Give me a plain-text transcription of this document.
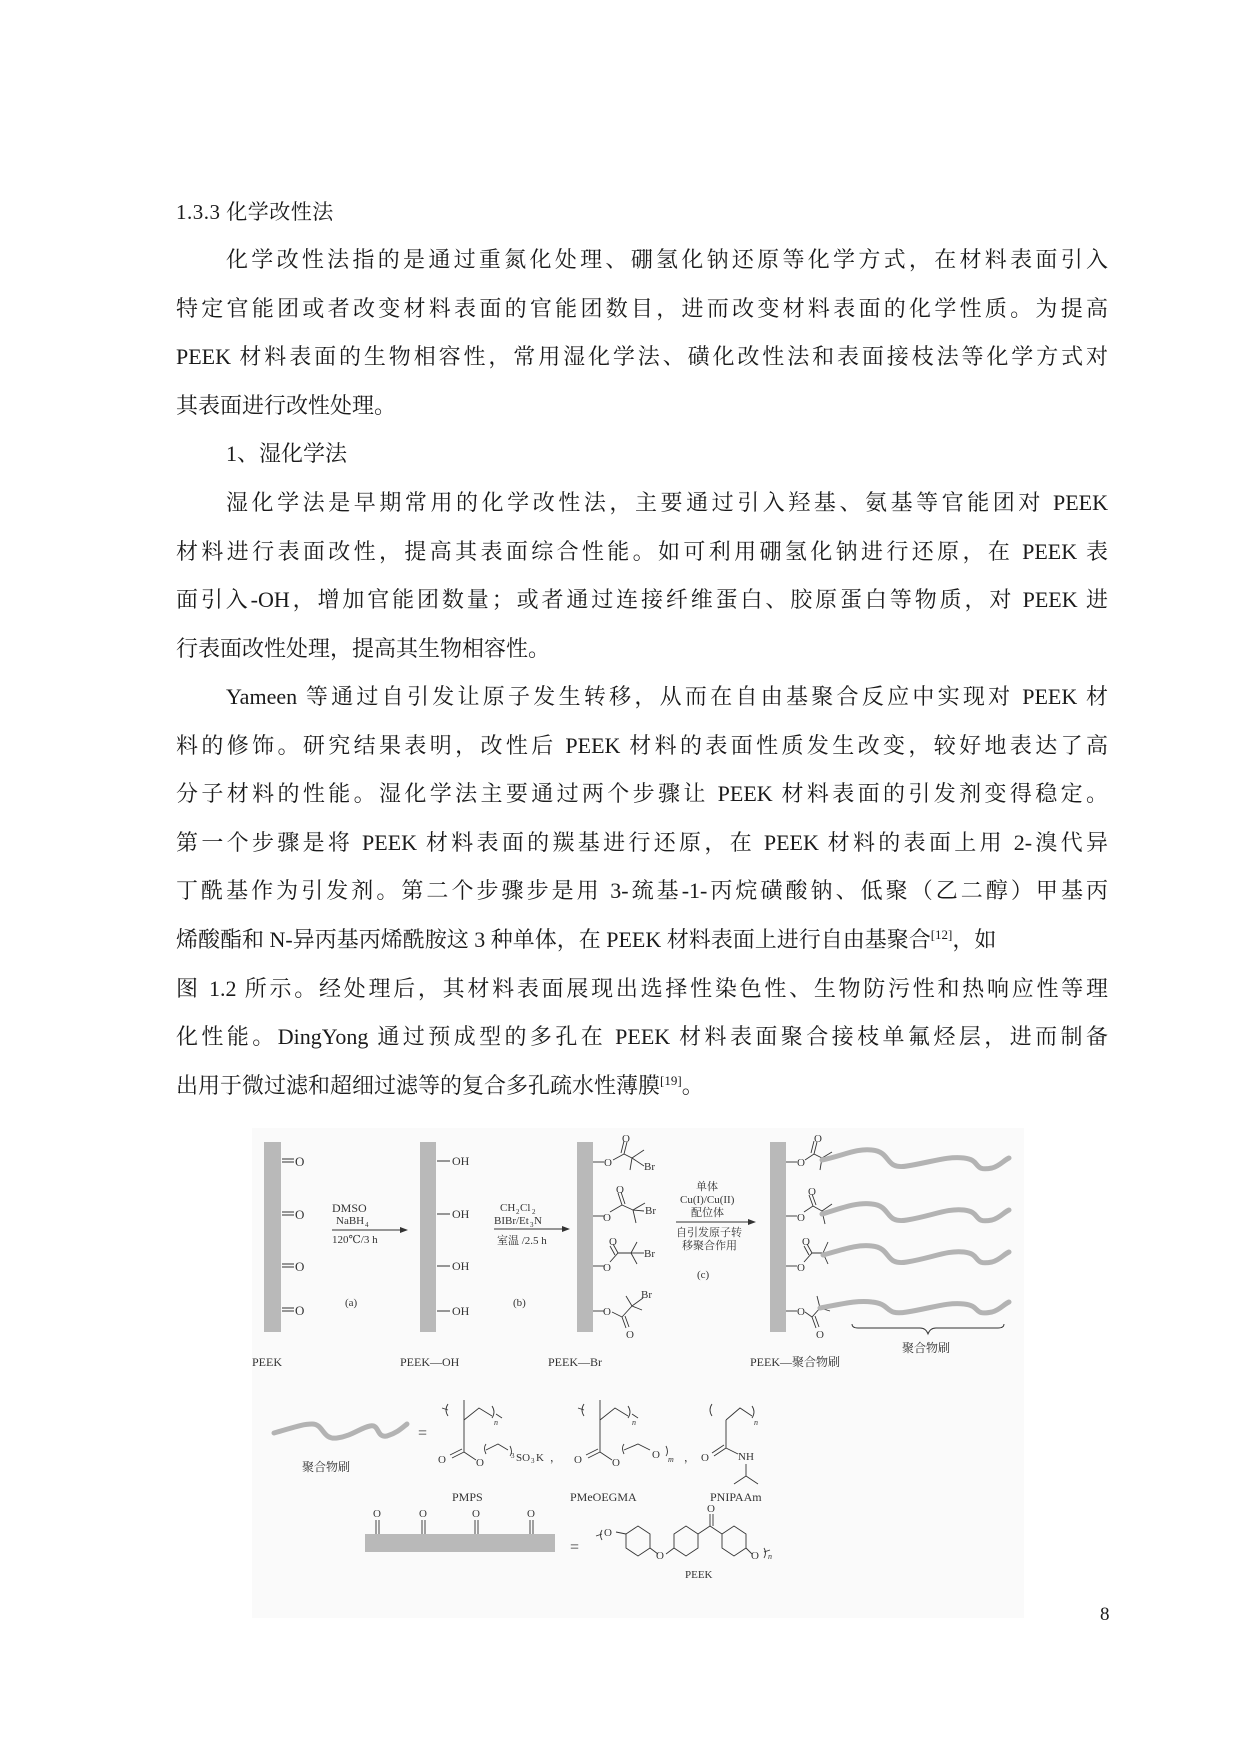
1.3.3 化学改性法
化学改性法指的是通过重氮化处理、硼氢化钠还原等化学方式，在材料表面引入
特定官能团或者改变材料表面的官能团数目，进而改变材料表面的化学性质。为提高
PEEK 材料表面的生物相容性，常用湿化学法、磺化改性法和表面接枝法等化学方式对
其表面进行改性处理。
1、湿化学法
湿化学法是早期常用的化学改性法，主要通过引入羟基、氨基等官能团对 PEEK
材料进行表面改性，提高其表面综合性能。如可利用硼氢化钠进行还原，在 PEEK 表
面引入-OH，增加官能团数量；或者通过连接纤维蛋白、胶原蛋白等物质，对 PEEK 进
行表面改性处理，提高其生物相容性。
Yameen 等通过自引发让原子发生转移，从而在自由基聚合反应中实现对 PEEK 材
料的修饰。研究结果表明，改性后 PEEK 材料的表面性质发生改变，较好地表达了高
分子材料的性能。湿化学法主要通过两个步骤让 PEEK 材料表面的引发剂变得稳定。
第一个步骤是将 PEEK 材料表面的羰基进行还原，在 PEEK 材料的表面上用 2-溴代异
丁酰基作为引发剂。第二个步骤步是用 3-巯基-1-丙烷磺酸钠、低聚（乙二醇）甲基丙
烯酸酯和 N-异丙基丙烯酰胺这 3 种单体，在 PEEK 材料表面上进行自由基聚合[12]，如
图 1.2 所示。经处理后，其材料表面展现出选择性染色性、生物防污性和热响应性等理
化性能。DingYong 通过预成型的多孔在 PEEK 材料表面聚合接枝单氟烃层，进而制备
出用于微过滤和超细过滤等的复合多孔疏水性薄膜[19]。
O
O
O
O
DMSO
NaBH 4
120℃/3 h
(a)
OH
OH
OH
OH
CH 2 Cl 2
BIBr/Et 3 N
室温 /2.5 h
(b)
O
O
Br
O
O
Br
O
O
Br
O
O
Br
单体
Cu(I)/Cu(II)
配位体
自引发原子转
移聚合作用
(c)
O
O
O
O
O
O
O
O
聚合物刷
PEEK	PEEK—OH	PEEK—Br	PEEK—聚合物刷
聚合物刷
=
n
O	O
3 SO 3 K ，
PMPS
n
O	O
O m ，
PMeOEGMA
n
O	NH
PNIPAAm
O	O	O	O
=
O
O
O
O n
PEEK
8
